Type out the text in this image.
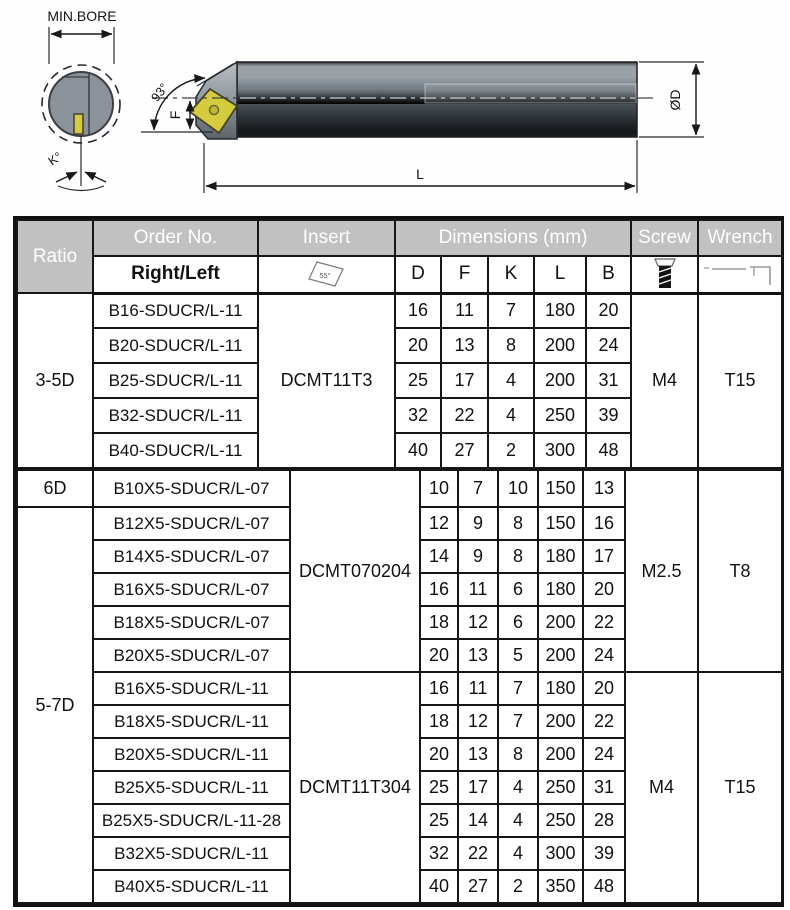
MIN.BORE
K°
93°
F
ØD
L
Ratio	Order No.	Insert	Dimensions (mm)					Screw	Wrench
	Right/Left	55°	D	F	K	L	B	

3-5D	B16-SDUCR/L-11	DCMT11T3	16	11	7	180	20	M4	T15
	B20-SDUCR/L-11		20	13	8	200	24		
	B25-SDUCR/L-11		25	17	4	200	31		
	B32-SDUCR/L-11		32	22	4	250	39		
	B40-SDUCR/L-11		40	27	2	300	48		
6D	B10X5-SDUCR/L-07	DCMT070204	10	7	10	150	13	M2.5	T8
5-7D	B12X5-SDUCR/L-07		12	9	8	150	16		
	B14X5-SDUCR/L-07		14	9	8	180	17		
	B16X5-SDUCR/L-07		16	11	6	180	20		
	B18X5-SDUCR/L-07		18	12	6	200	22		
	B20X5-SDUCR/L-07		20	13	5	200	24		
	B16X5-SDUCR/L-11	DCMT11T304	16	11	7	180	20	M4	T15
	B18X5-SDUCR/L-11		18	12	7	200	22		
	B20X5-SDUCR/L-11		20	13	8	200	24		
	B25X5-SDUCR/L-11		25	17	4	250	31		
	B25X5-SDUCR/L-11-28		25	14	4	250	28		
	B32X5-SDUCR/L-11		32	22	4	300	39		
	B40X5-SDUCR/L-11		40	27	2	350	48		
